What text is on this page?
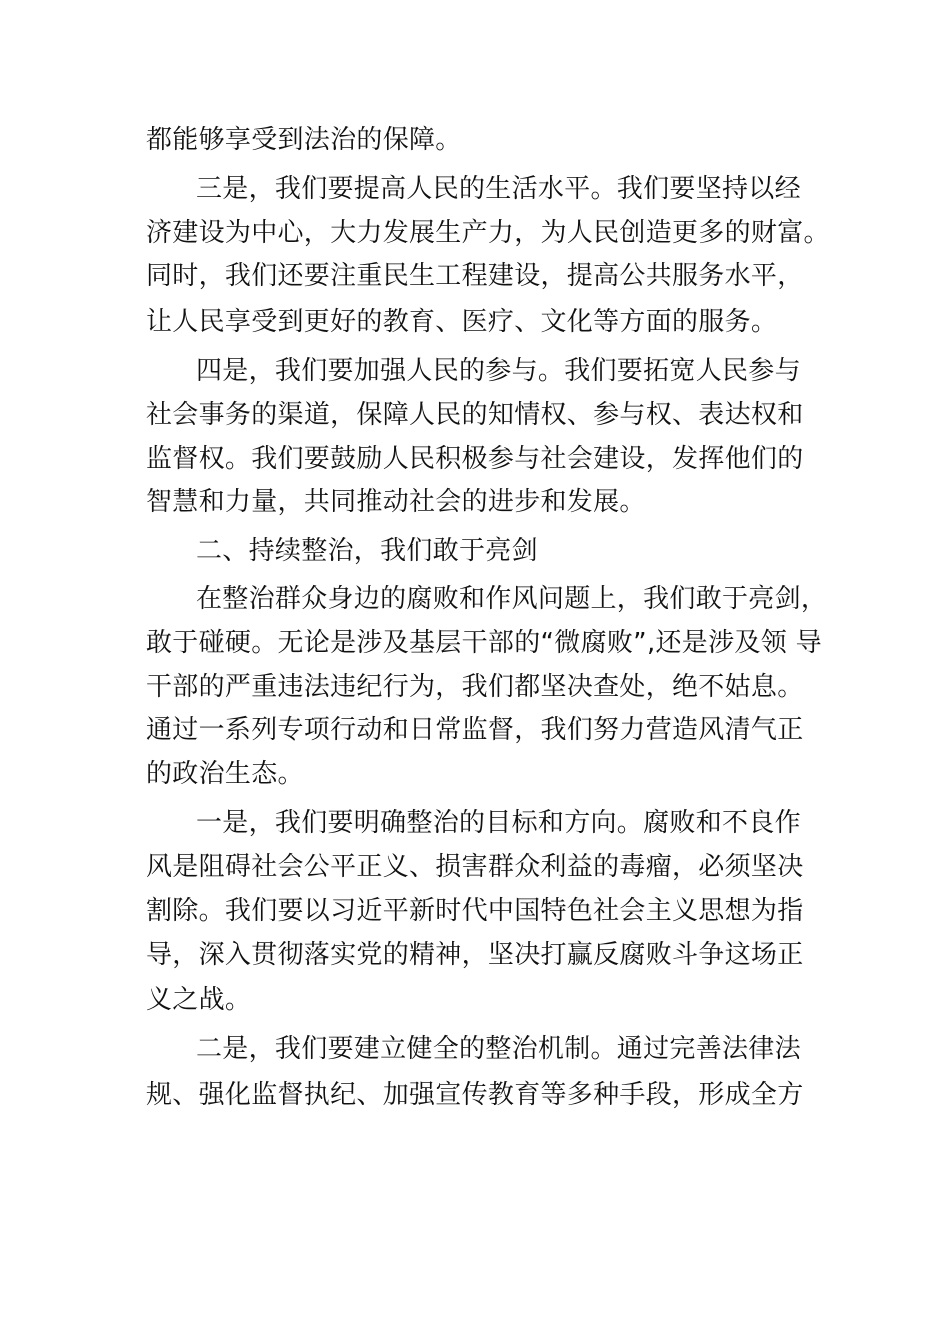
都能够享受到法治的保障。
三是，我们要提高人民的生活水平。我们要坚持以经
济建设为中心，大力发展生产力，为人民创造更多的财富。
同时，我们还要注重民生工程建设，提高公共服务水平，
让人民享受到更好的教育、医疗、文化等方面的服务。
四是，我们要加强人民的参与。我们要拓宽人民参与
社会事务的渠道，保障人民的知情权、参与权、表达权和
监督权。我们要鼓励人民积极参与社会建设，发挥他们的
智慧和力量，共同推动社会的进步和发展。
二、持续整治，我们敢于亮剑
在整治群众身边的腐败和作风问题上，我们敢于亮剑，
敢于碰硬。无论是涉及基层干部的“微腐败”,还是涉及领 导
干部的严重违法违纪行为，我们都坚决查处，绝不姑息。
通过一系列专项行动和日常监督，我们努力营造风清气正
的政治生态。
一是，我们要明确整治的目标和方向。腐败和不良作
风是阻碍社会公平正义、损害群众利益的毒瘤，必须坚决
割除。我们要以习近平新时代中国特色社会主义思想为指
导，深入贯彻落实党的精神，坚决打赢反腐败斗争这场正
义之战。
二是，我们要建立健全的整治机制。通过完善法律法
规、强化监督执纪、加强宣传教育等多种手段，形成全方
